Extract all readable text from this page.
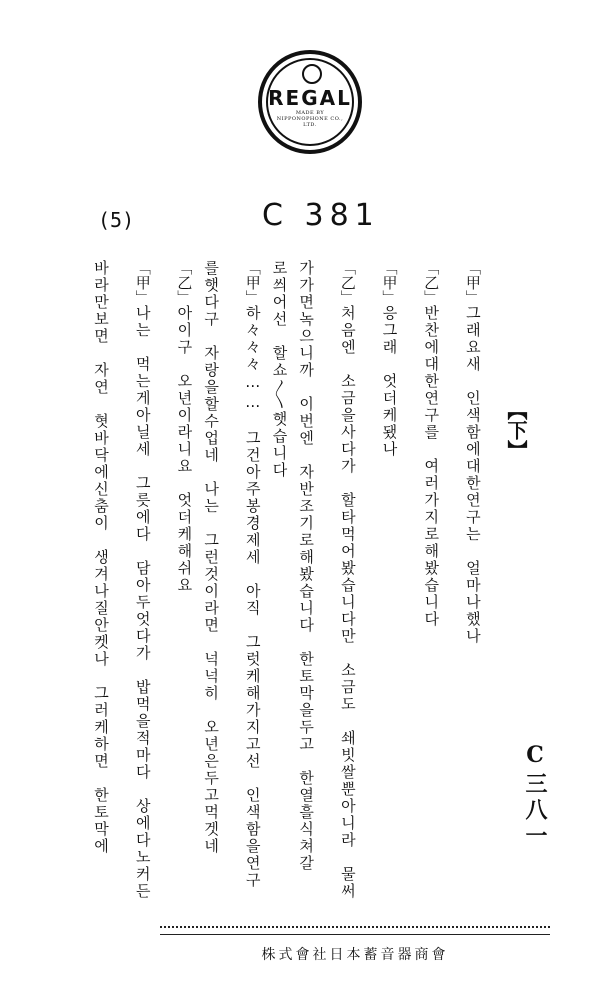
REGAL
MADE BY NIPPONOPHONE CO., LTD.
(5)	C 381
【下】
C三八一
「甲」
그래요새　인색함에대한연구는　얼마나했나
「乙」
반찬에대한연구를　여러가지로해봤습니다
「甲」
응그래　엇더케됐나
「乙」
처음엔　소금을사다가　할타먹어봤습니다만　소금도　쇄빗쌀뿐아니라　물써
가가면녹으니까　이번엔　자반조기로해봤습니다　한토막을두고　한열흘식쳐갈
로씌어선　할쇼〳〵햇습니다
「甲」
하々々々……　그건아주봉경제세　아직　그럿케해가지고선　인색함을연구
를햇다구　자랑을할수업네　나는　그런것이라면　넉넉히　오년은두고먹겟네
「乙」
아이구　오년이라니요　엇더케해쉬요
「甲」
나는　먹는게아닐세　그릇에다　담아두엇다가　밥먹을적마다　상에다노커든
바라만보면　자연　혓바닥에신춤이　생겨나질안켓나　그러케하면　한토막에
株式會社日本蓄音器商會
